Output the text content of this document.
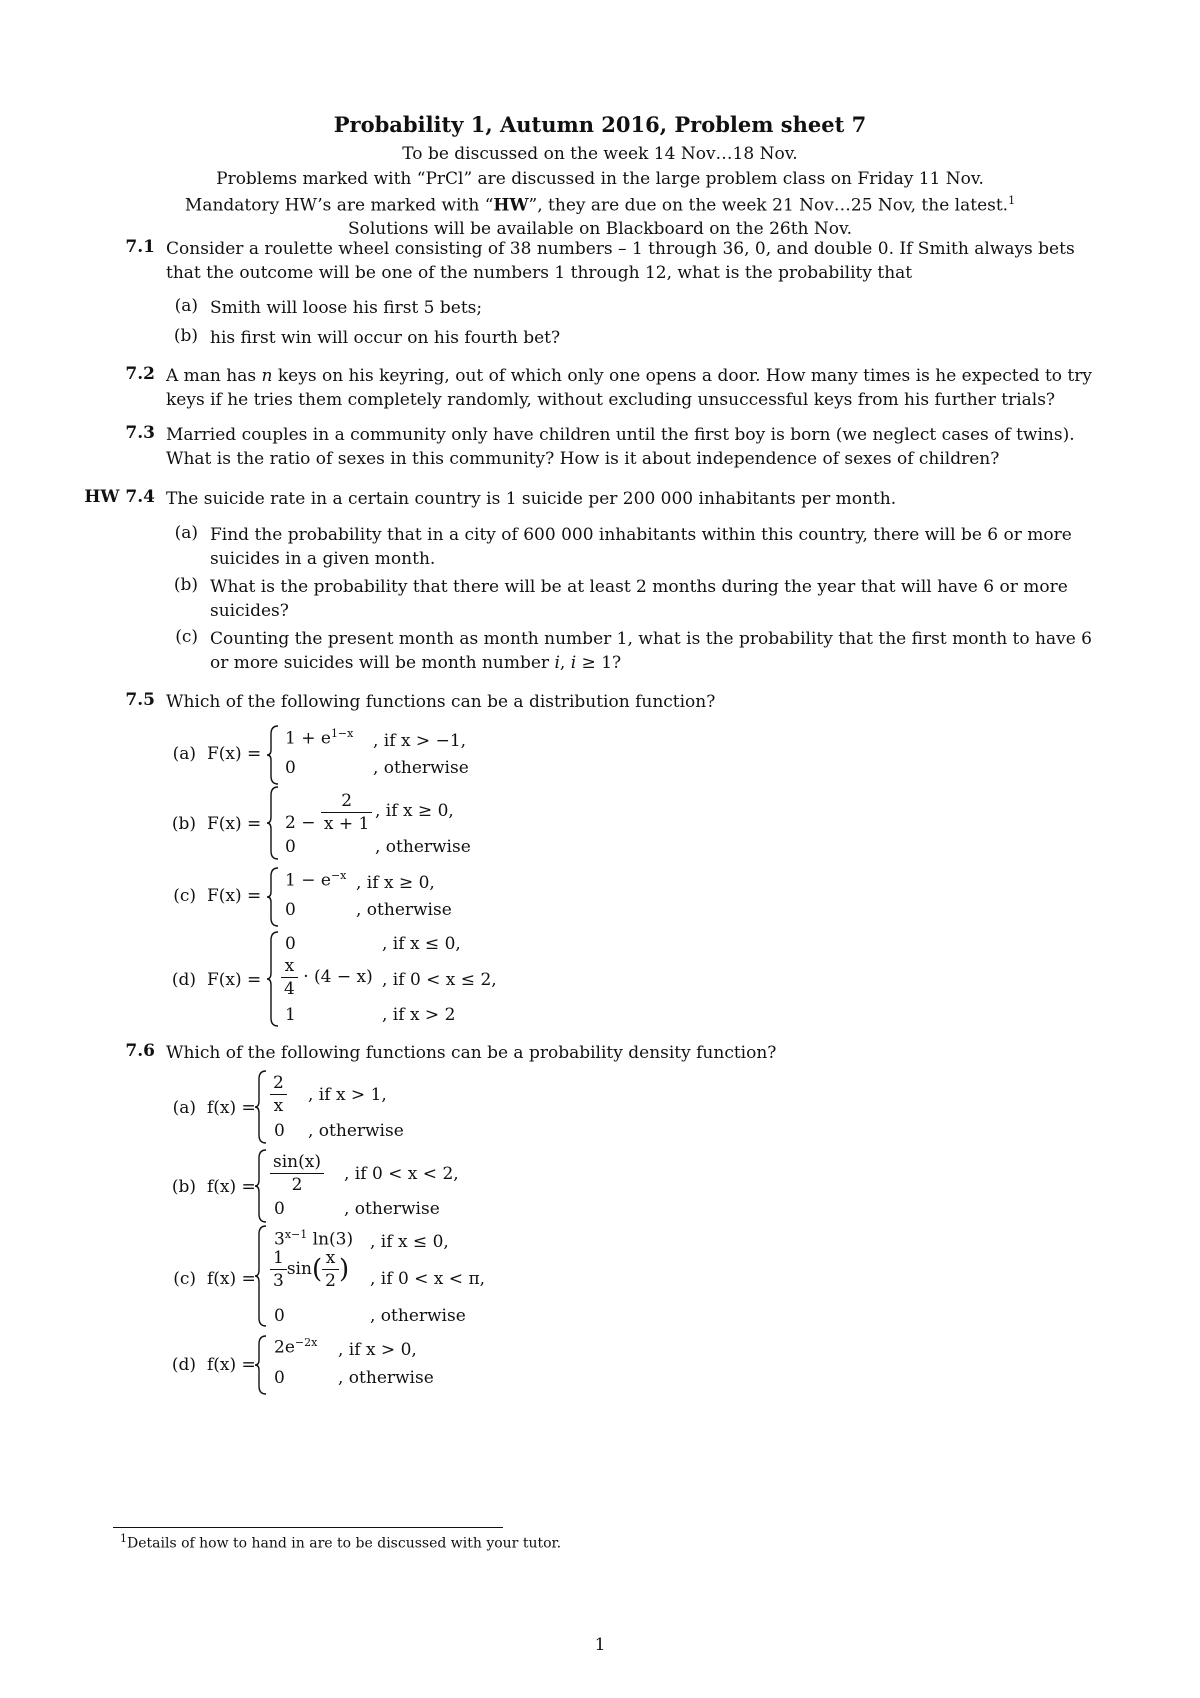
Probability 1, Autumn 2016, Problem sheet 7
To be discussed on the week 14 Nov…18 Nov.
Problems marked with “PrCl” are discussed in the large problem class on Friday 11 Nov.
Mandatory HW’s are marked with “HW”, they are due on the week 21 Nov…25 Nov, the latest.$^1$
Solutions will be available on Blackboard on the 26th Nov.
7.1 Consider a roulette wheel consisting of 38 numbers – 1 through 36, 0, and double 0. If Smith always bets that the outcome will be one of the numbers 1 through 12, what is the probability that
(a) Smith will loose his first 5 bets;
(b) his first win will occur on his fourth bet?
7.2 A man has n keys on his keyring, out of which only one opens a door. How many times is he expected to try keys if he tries them completely randomly, without excluding unsuccessful keys from his further trials?
7.3 Married couples in a community only have children until the first boy is born (we neglect cases of twins). What is the ratio of sexes in this community? How is it about independence of sexes of children?
HW 7.4 The suicide rate in a certain country is 1 suicide per 200 000 inhabitants per month.
(a) Find the probability that in a city of 600 000 inhabitants within this country, there will be 6 or more suicides in a given month.
(b) What is the probability that there will be at least 2 months during the year that will have 6 or more suicides?
(c) Counting the present month as month number 1, what is the probability that the first month to have 6 or more suicides will be month number i, i ≥ 1?
7.5 Which of the following functions can be a distribution function?
(a) F(x) =
$1 + e^{1-x}$ , if x > −1,
0	, otherwise
(b) $F(x) = 2 - \frac{2}{x + 1}$ , if x ≥ 0,
0	, otherwise
(c) F(x) =
$1 - e^{-x}$ , if x ≥ 0,
0	, otherwise
(d) F(x) =
0	, if x ≤ 0,
$\frac{x}{4} \cdot (4 - x)$ , if 0 < x ≤ 2,
1	, if x > 2
7.6 Which of the following functions can be a probability density function?
(a) $f(x) = \frac{2}{x}$ , if x > 1,
0 , otherwise
(b) $f(x) = \frac{\sin(x)}{2}$ , if 0 < x < 2,
0	, otherwise
(c) f(x) =
$3^{x-1}$ ln(3) , if x ≤ 0,
$\frac{1}{3} \sin( \frac{x}{2}$ ) , if 0 < x < π,
0	, otherwise
(d) f(x) =
$2e^{-2x}$ , if x > 0,
0	, otherwise
$^1$Details of how to hand in are to be discussed with your tutor.
1
